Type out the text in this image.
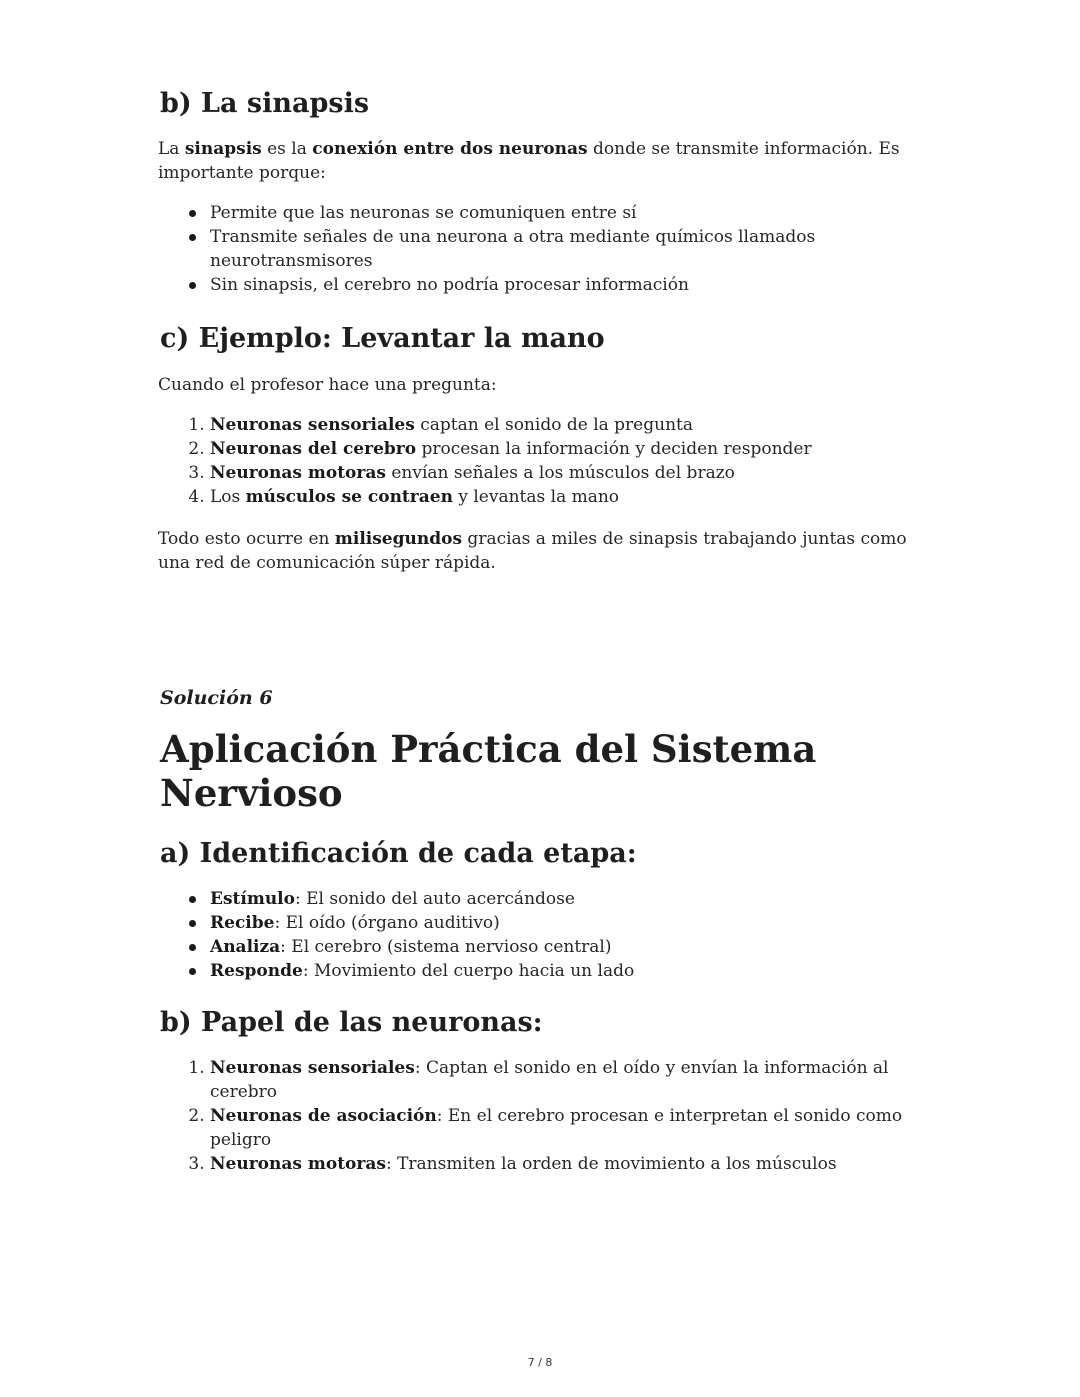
b) La sinapsis

La sinapsis es la conexión entre dos neuronas donde se transmite información. Es importante porque:

Permite que las neuronas se comuniquen entre sí
Transmite señales de una neurona a otra mediante químicos llamados neurotransmisores
Sin sinapsis, el cerebro no podría procesar información
c) Ejemplo: Levantar la mano

Cuando el profesor hace una pregunta:

1. Neuronas sensoriales captan el sonido de la pregunta
2. Neuronas del cerebro procesan la información y deciden responder
3. Neuronas motoras envían señales a los músculos del brazo
4. Los músculos se contraen y levantas la mano

Todo esto ocurre en milisegundos gracias a miles de sinapsis trabajando juntas como una red de comunicación súper rápida.

Solución 6
Aplicación Práctica del Sistema Nervioso
a) Identificación de cada etapa:
Estímulo: El sonido del auto acercándose
Recibe: El oído (órgano auditivo)
Analiza: El cerebro (sistema nervioso central)
Responde: Movimiento del cuerpo hacia un lado
b) Papel de las neuronas:
1. Neuronas sensoriales: Captan el sonido en el oído y envían la información al cerebro
2. Neuronas de asociación: En el cerebro procesan e interpretan el sonido como peligro
3. Neuronas motoras: Transmiten la orden de movimiento a los músculos
7 / 8
